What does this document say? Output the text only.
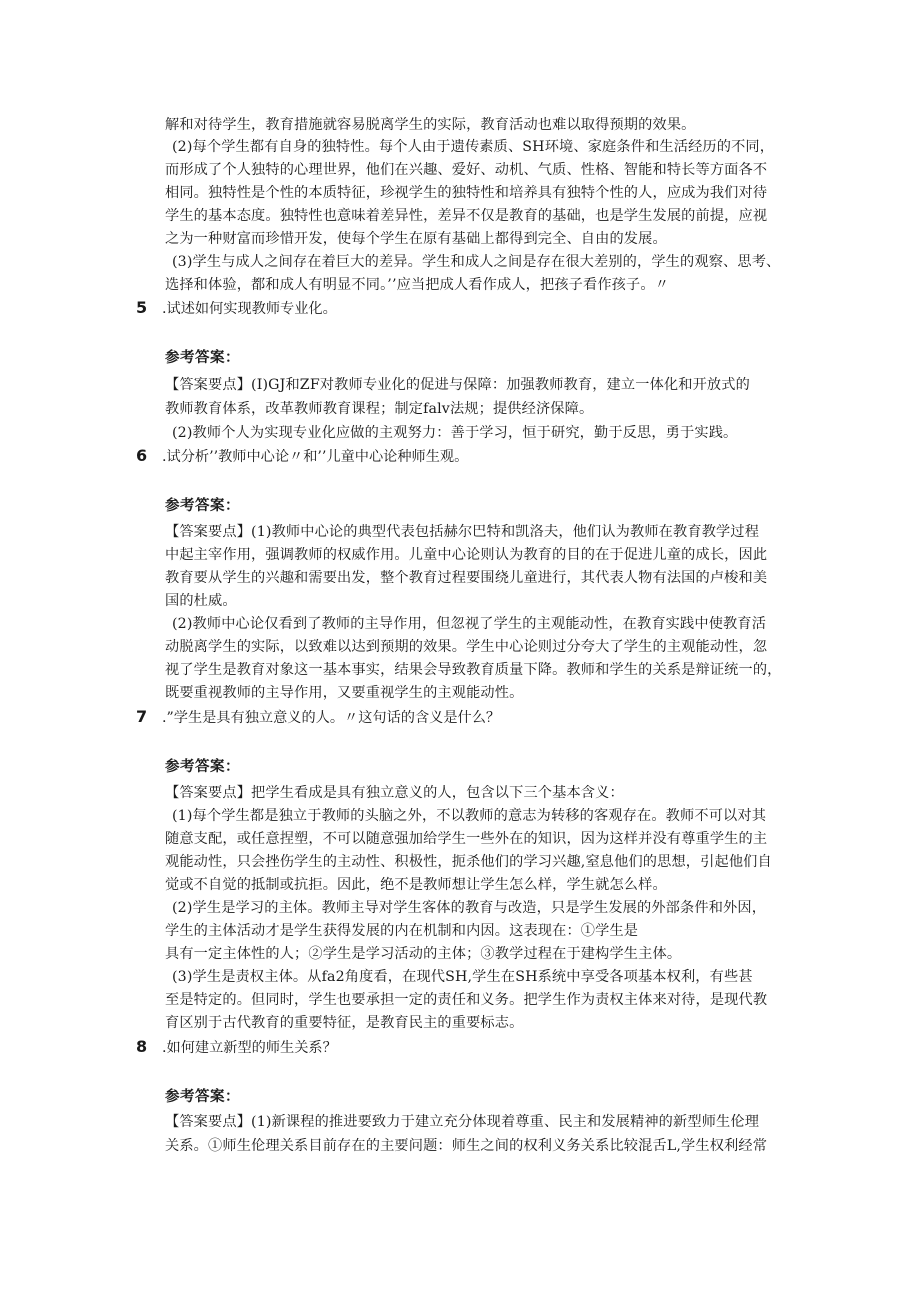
解和对待学生，教育措施就容易脱离学生的实际，教育活动也难以取得预期的效果。
(2)每个学生都有自身的独特性。每个人由于遗传素质、SH环境、家庭条件和生活经历的不同，
而形成了个人独特的心理世界，他们在兴趣、爱好、动机、气质、性格、智能和特长等方面各不
相同。独特性是个性的本质特征，珍视学生的独特性和培养具有独特个性的人，应成为我们对待
学生的基本态度。独特性也意味着差异性，差异不仅是教育的基础，也是学生发展的前提，应视
之为一种财富而珍惜开发，使每个学生在原有基础上都得到完全、自由的发展。
(3)学生与成人之间存在着巨大的差异。学生和成人之间是存在很大差别的，学生的观察、思考、
选择和体验，都和成人有明显不同。’’应当把成人看作成人，把孩子看作孩子。〃
5 .试述如何实现教师专业化。
参考答案：
【答案要点】(I)GJ和ZF对教师专业化的促进与保障：加强教师教育，建立一体化和开放式的
教师教育体系，改革教师教育课程；制定falv法规；提供经济保障。
(2)教师个人为实现专业化应做的主观努力：善于学习，恒于研究，勤于反思，勇于实践。
6 .试分析’’教师中心论〃和’’儿童中心论种师生观。
参考答案：
【答案要点】(1)教师中心论的典型代表包括赫尔巴特和凯洛夫，他们认为教师在教育教学过程
中起主宰作用，强调教师的权威作用。儿童中心论则认为教育的目的在于促进儿童的成长，因此
教育要从学生的兴趣和需要出发，整个教育过程要围绕儿童进行，其代表人物有法国的卢梭和美
国的杜威。
(2)教师中心论仅看到了教师的主导作用，但忽视了学生的主观能动性，在教育实践中使教育活
动脱离学生的实际，以致难以达到预期的效果。学生中心论则过分夸大了学生的主观能动性，忽
视了学生是教育对象这一基本事实，结果会导致教育质量下降。教师和学生的关系是辩证统一的，
既要重视教师的主导作用，又要重视学生的主观能动性。
7 .”学生是具有独立意义的人。〃这句话的含义是什么？
参考答案：
【答案要点】把学生看成是具有独立意义的人，包含以下三个基本含义：
(1)每个学生都是独立于教师的头脑之外，不以教师的意志为转移的客观存在。教师不可以对其
随意支配，或任意捏塑，不可以随意强加给学生一些外在的知识，因为这样并没有尊重学生的主
观能动性，只会挫伤学生的主动性、积极性，扼杀他们的学习兴趣,窒息他们的思想，引起他们自
觉或不自觉的抵制或抗拒。因此，绝不是教师想让学生怎么样，学生就怎么样。
(2)学生是学习的主体。教师主导对学生客体的教育与改造，只是学生发展的外部条件和外因，
学生的主体活动才是学生获得发展的内在机制和内因。这表现在：①学生是
具有一定主体性的人；②学生是学习活动的主体；③教学过程在于建构学生主体。
(3)学生是责权主体。从fa2角度看，在现代SH,学生在SH系统中享受各项基本权利，有些甚
至是特定的。但同时，学生也要承担一定的责任和义务。把学生作为责权主体来对待，是现代教
育区别于古代教育的重要特征，是教育民主的重要标志。
8 .如何建立新型的师生关系？
参考答案：
【答案要点】(1)新课程的推进要致力于建立充分体现着尊重、民主和发展精神的新型师生伦理
关系。①师生伦理关系目前存在的主要问题：师生之间的权利义务关系比较混舌L,学生权利经常
